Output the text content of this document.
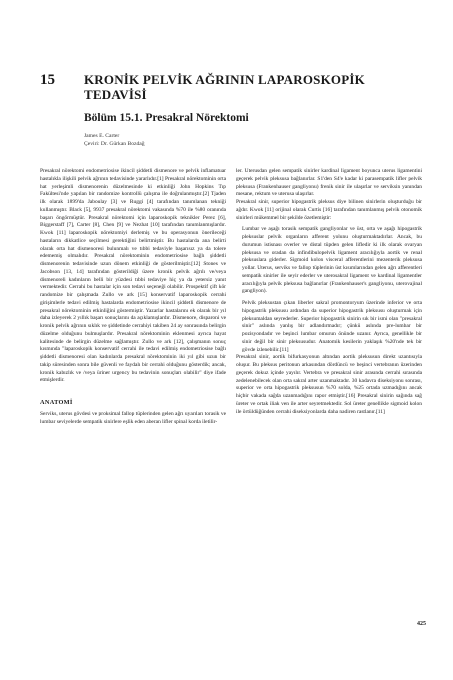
15 KRONİK PELVİK AĞRININ LAPAROSKOPİK TEDAVİSİ
Bölüm 15.1. Presakral Nörektomi
James E. Carter
Çeviri: Dr. Gürkan Bozdağ

Presakral nörektomi endometriosise ikincil şiddetli dismenore ve pelvik inflamatuar hastalıkla ilişkili pelvik ağrının tedavisinde yararlıdır.[1] Presakral nörektominin orta hat yerleşimli dismenorenin düzelmesinde ki etkinliği John Hopkins Tıp Fakültesi'nde yapılan bir randomize kontrollü çalışma ile doğrulanmıştır.[2] Tjaden ilk olarak 1899'da Jaboulay [3] ve Ruggi [4] tarafından tanımlanan tekniği kullanmıştır. Black [5], 9937 presakral nörektomi vakasında %70 ile %80 oranında başarı öngörmüştür. Presakral nörektomi için laparoskopik teknikler Perez [6], Biggerstaff [7], Carter [8], Chen [9] ve Nezhat [10] tarafından tanımlanmışlardır. Kwok [11] laparoskopik nörektomiyi derlemiş ve bu operasyonun önerileceği hastaların dikkatlice seçilmesi gerektiğini belirtmiştir. Bu hastalarda ana belirti olarak orta hat dismenoresi bulunmalı ve tıbbi tedaviyle başarısız ya da tolere edememiş olmalıdır. Presakral nörektominin endometriosise bağlı şiddetli dismenorenin tedavisinde uzun dönem etkinliği de gösterilmiştir.[12] Stones ve Jacobson [13, 14] tarafından gösterildiği üzere kronik pelvik ağrılı ve/veya dismenoreli kadınların belli bir yüzdesi tıbbi tedaviye hiç ya da yetersiz yanıt vermektedir. Cerrahi bu hastalar için son tedavi seçeneği olabilir. Prospektif çift kör randomize bir çalışmada Zullo ve ark [15] konservatif laparoskopik cerrahi girişimlerle tedavi edilmiş hastalarda endometriosise ikincil şiddetli dismenore de presakral nörektominin etkinliğini göstermiştir. Yazarlar hastalarını ek olarak bir yıl daha izleyerek 2 yıllık başarı sonuçlarını da açıklamışlardır. Dismenore, disparoni ve kronik pelvik ağrının sıklık ve şiddetinde cerrahiyi takiben 24 ay sonrasında belirgin düzelme olduğunu bulmuşlardır. Presakral nörektominin eklenmesi ayrıca hayat kalitesinde de belirgin düzelme sağlamıştır. Zullo ve ark [12], çalışmanın sonuç kısmında "laparoskopik konservatif cerrahi ile tedavi edilmiş endometriosise bağlı şiddetli dismenoresi olan kadınlarda presakral nörektominin iki yıl gibi uzun bir takip süresinden sonra bile güvenli ve faydalı bir cerrahi olduğunu gösterdik; ancak, kronik kabızlık ve /veya üriner urgency bu tedavinin sonuçları olabilir" diye ifade etmişlerdir.

ANATOMİ

Serviks, uterus gövdesi ve proksimal fallop tüplerinden gelen ağrı uyarıları torasik ve lumbar seviyelerde sempatik sinirlere eşlik eden aberan lifler spinal korda iletilir-

ler. Uterusdan gelen sempatik sinirler kardinal ligament boyunca uterus ligamentini geçerek pelvik pleksusa bağlanırlar. S1'den S4'e kadar ki parasempatik lifler pelvik pleksusa (Frankenhauser gangliyonu) frenik sinir ile ulaşırlar ve serviksin yanından mesane, rektum ve uterusa ulaşırlar.

Presakral sinir, superior hipogastrik pleksus diye bilinen sinirlerin oluşturduğu bir ağdır. Kwok [11] orijinal olarak Curtis [16] tarafından tanımlanmış pelvik otonomik sinirleri mükemmel bir şekilde özetlemiştir:

Lumbar ve aşağı torasik sempatik gangliyonlar ve üst, orta ve aşağı hipogastrik pleksuslar pelvik organların afferent yolunu oluşturmaktadırlar. Ancak, bu durumun istisnası overler ve distal tüpden gelen lifledir ki ilk olarak ovaryan pleksusa ve oradan da infindibulopelvik ligament aracılığıyla aortik ve renal pleksuslara giderler. Sigmoid kolon visceral afferentlerini mezenterik pleksusa yollar. Uterus, serviks ve fallop tüplerinin üst kısımlarından gelen ağrı afferentleri sempatik sinirler ile seyir ederler ve uterosakral ligament ve kardinal ligamentler aracılığıyla pelvik pleksusa bağlanırlar (Frankenhauser's gangliyonu, uterovajinal gangliyon).

Pelvik pleksustan çıkan liberler sakral promontoryum üzerinde inferior ve orta hipogastrik pleksusu ardından da superior hipogastrik pleksusu oluşturmak için pleksumaldan seyrederler. Superior hipogastrik sinirin sık bir ismi olan "presakral sinir" aslında yanlış bir adlandırmadır; çünkü aslında pre-lumbar bir pozisyondadır ve beşinci lumbar omurun önünde uzanır. Ayrıca, genellikle bir sinir değil bir sinir pleksusudur. Anatomik kesilerin yaklaşık %20'nde tek bir gövde izlenebilir.[11]

Presakral sinir, aortik bifurkasyonun altından aortik pleksusun direkt uzantısıyla oluşur. Bu pleksus peritonun arkasından dördüncü ve beşinci vertebranın üzerinden geçerek dokuz içinde yayılır. Vertebra ve presakral sinir arasında cerrahi sırasında zedelenebilecek olan orta sakral arter uzanmaktadır. 30 kadavra diseksiyonu sonrası, superior ve orta hipogastrik pleksusun %70 solda, %25 ortada uzmadığını ancak hiçbir vakada sağda uzanmadığını rapor etmiştir.[16] Presakral sinirin sağında sağ üreter ve ortak iliak ven ile arter seyretmektedir. Sol üreter genellikle sigmoid kolon ile örtüldüğünden cerrahi diseksiyonlarda daha nadiren rastlanır.[11]

425
